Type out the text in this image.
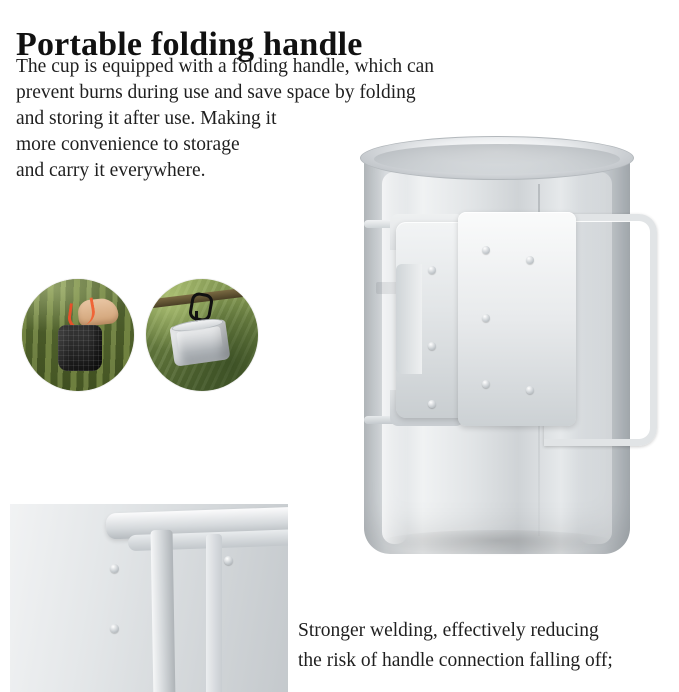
Portable folding handle
The cup is equipped with a folding handle, which can
prevent burns during use and save space by folding
and storing it after use. Making it
more convenience to storage
and carry it everywhere.
Stronger welding, effectively reducing
the risk of handle connection falling off;
